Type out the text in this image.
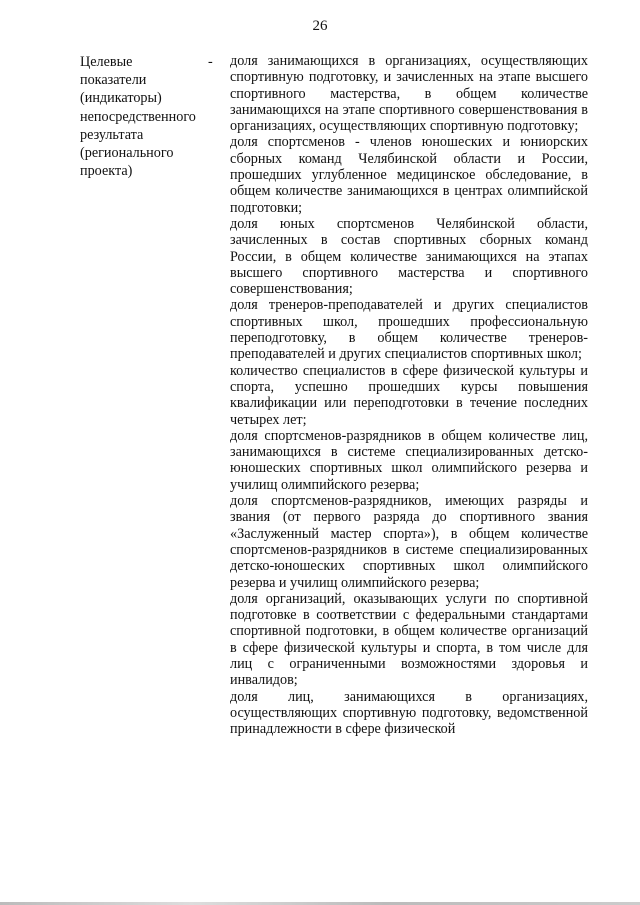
26
Целевые
показатели
(индикаторы)
непосредственного
результата
(регионального
проекта)
- доля занимающихся в организациях, осуществляющих спортивную подготовку, и зачисленных на этапе высшего спортивного мастерства, в общем количестве занимающихся на этапе спортивного совершенствования в организациях, осуществляющих спортивную подготовку;
доля спортсменов - членов юношеских и юниорских сборных команд Челябинской области и России, прошедших углубленное медицинское обследование, в общем количестве занимающихся в центрах олимпийской подготовки;
доля юных спортсменов Челябинской области, зачисленных в состав спортивных сборных команд России, в общем количестве занимающихся на этапах высшего спортивного мастерства и спортивного совершенствования;
доля тренеров-преподавателей и других специалистов спортивных школ, прошедших профессиональную переподготовку, в общем количестве тренеров-преподавателей и других специалистов спортивных школ;
количество специалистов в сфере физической культуры и спорта, успешно прошедших курсы повышения квалификации или переподготовки в течение последних четырех лет;
доля спортсменов-разрядников в общем количестве лиц, занимающихся в системе специализированных детско-юношеских спортивных школ олимпийского резерва и училищ олимпийского резерва;
доля спортсменов-разрядников, имеющих разряды и звания (от первого разряда до спортивного звания «Заслуженный мастер спорта»), в общем количестве спортсменов-разрядников в системе специализированных детско-юношеских спортивных школ олимпийского резерва и училищ олимпийского резерва;
доля организаций, оказывающих услуги по спортивной подготовке в соответствии с федеральными стандартами спортивной подготовки, в общем количестве организаций в сфере физической культуры и спорта, в том числе для лиц с ограниченными возможностями здоровья и инвалидов;
доля лиц, занимающихся в организациях, осуществляющих спортивную подготовку, ведомственной принадлежности в сфере физической
